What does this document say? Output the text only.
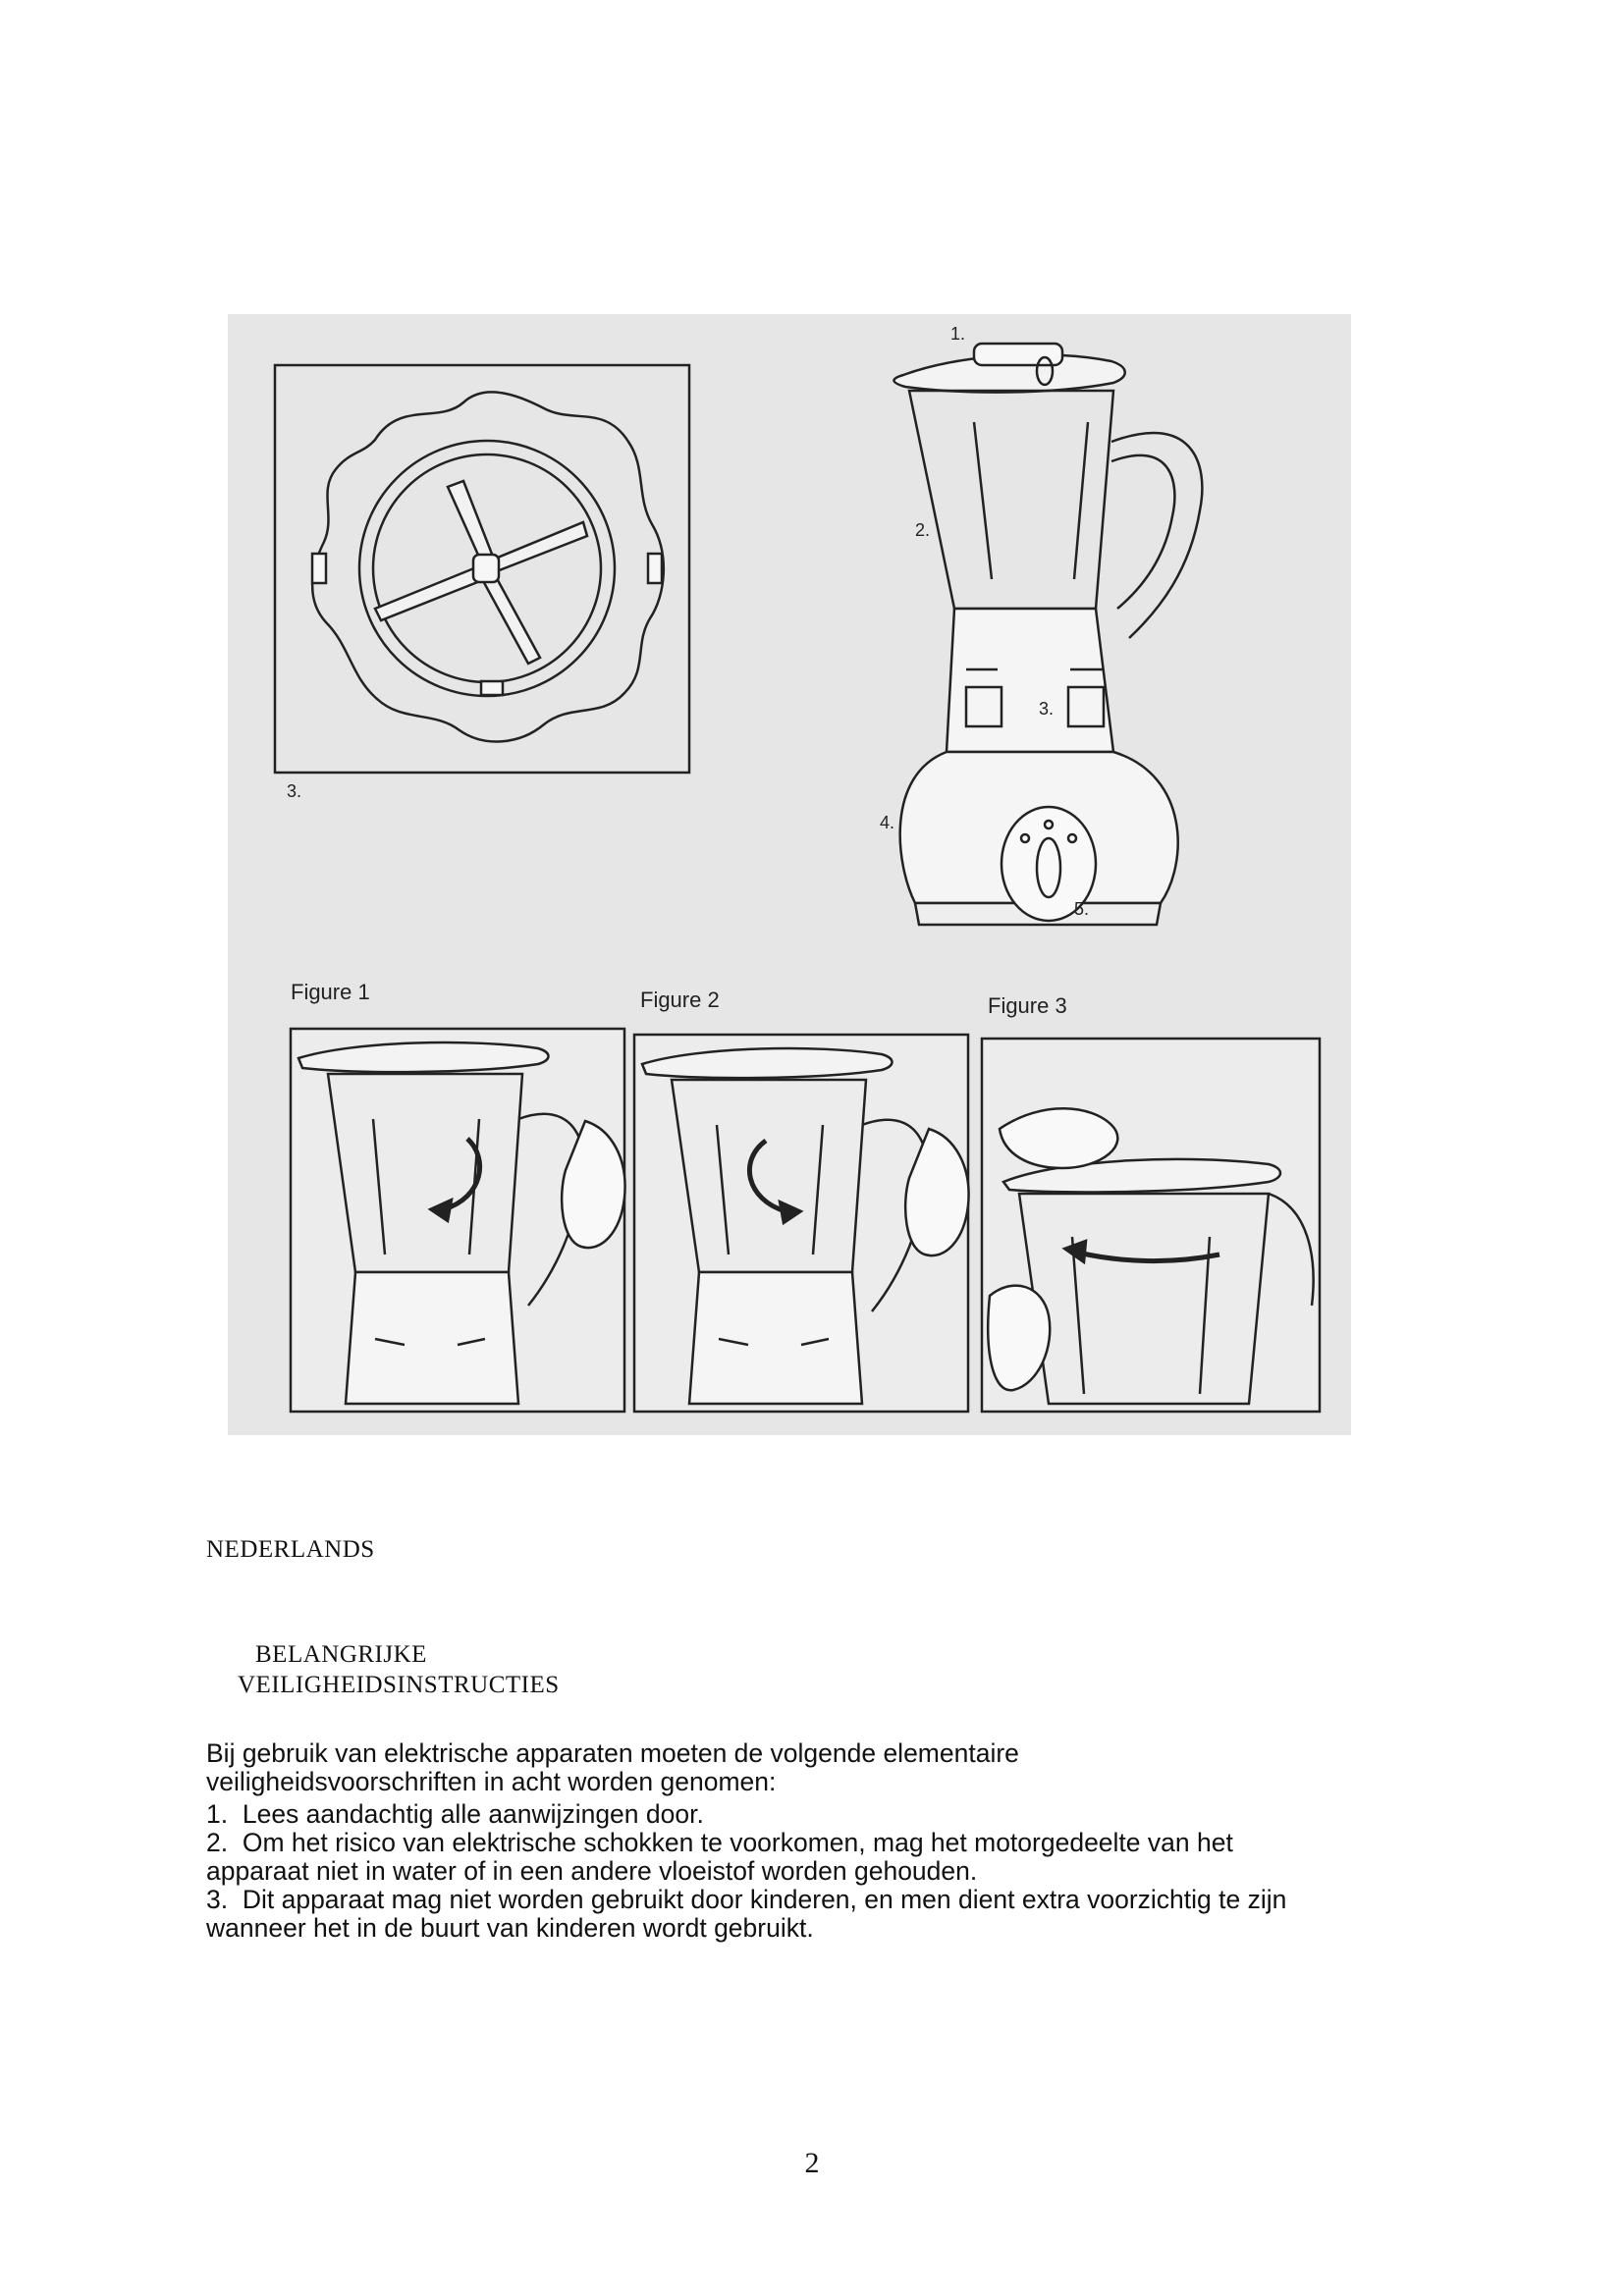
3.
1.
2.
3.
4.
5.
Figure 1	Figure 2	Figure 3
NEDERLANDS
BELANGRIJKE
VEILIGHEIDSINSTRUCTIES

Bij gebruik van elektrische apparaten moeten de volgende elementaire

veiligheidsvoorschriften in acht worden genomen:

1. Lees aandachtig alle aanwijzingen door.
2. Om het risico van elektrische schokken te voorkomen, mag het motorgedeelte van het
apparaat niet in water of in een andere vloeistof worden gehouden.
3. Dit apparaat mag niet worden gebruikt door kinderen, en men dient extra voorzichtig te zijn
wanneer het in de buurt van kinderen wordt gebruikt.
2
